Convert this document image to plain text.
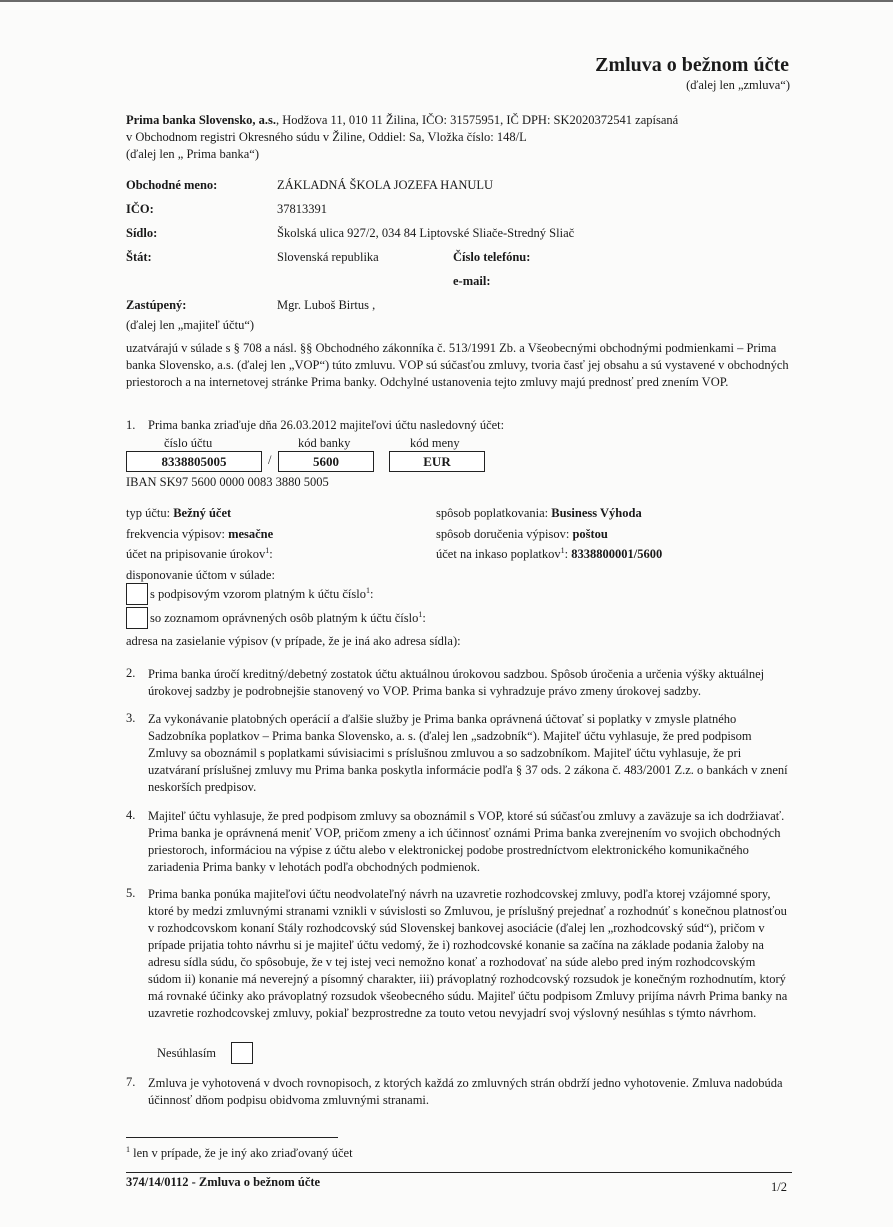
Zmluva o bežnom účte
(ďalej len „zmluva“)
Prima banka Slovensko, a.s., Hodžova 11, 010 11 Žilina, IČO: 31575951, IČ DPH: SK2020372541 zapísaná
v Obchodnom registri Okresného súdu v Žiline, Oddiel: Sa, Vložka číslo: 148/L
(ďalej len „ Prima banka“)
Obchodné meno:	ZÁKLADNÁ ŠKOLA JOZEFA HANULU
IČO:	37813391
Sídlo:	Školská ulica 927/2, 034 84 Liptovské Sliače-Stredný Sliač
Štát:	Slovenská republika	Číslo telefónu:
e-mail:
Zastúpený:	Mgr. Luboš Birtus ,
(ďalej len „majiteľ účtu“)
uzatvárajú v súlade s § 708 a násl. §§ Obchodného zákonníka č. 513/1991 Zb. a Všeobecnými obchodnými podmienkami – Prima banka Slovensko, a.s. (ďalej len „VOP“) túto zmluvu. VOP sú súčasťou zmluvy, tvoria časť jej obsahu a sú vystavené v obchodných priestoroch a na internetovej stránke Prima banky. Odchylné ustanovenia tejto zmluvy majú prednosť pred znením VOP.
1. Prima banka zriaďuje dňa 26.03.2012 majiteľovi účtu nasledovný účet:
číslo účtu	kód banky	kód meny
8338805005	/	5600	EUR
IBAN SK97 5600 0000 0083 3880 5005
typ účtu: Bežný účet	spôsob poplatkovania: Business Výhoda
frekvencia výpisov: mesačne	spôsob doručenia výpisov: poštou
účet na pripisovanie úrokov$^1$:	účet na inkaso poplatkov$^1$: 8338800001/5600
disponovanie účtom v súlade:
s podpisovým vzorom platným k účtu číslo$^1$:
so zoznamom oprávnených osôb platným k účtu číslo$^1$:
adresa na zasielanie výpisov (v prípade, že je iná ako adresa sídla):
2. Prima banka úročí kreditný/debetný zostatok účtu aktuálnou úrokovou sadzbou. Spôsob úročenia a určenia výšky aktuálnej úrokovej sadzby je podrobnejšie stanovený vo VOP. Prima banka si vyhradzuje právo zmeny úrokovej sadzby.
3. Za vykonávanie platobných operácií a ďalšie služby je Prima banka oprávnená účtovať si poplatky v zmysle platného Sadzobníka poplatkov – Prima banka Slovensko, a. s. (ďalej len „sadzobník“). Majiteľ účtu vyhlasuje, že pred podpisom Zmluvy sa oboznámil s poplatkami súvisiacimi s príslušnou zmluvou a so sadzobníkom. Majiteľ účtu vyhlasuje, že pri uzatváraní príslušnej zmluvy mu Prima banka poskytla informácie podľa § 37 ods. 2 zákona č. 483/2001 Z.z. o bankách v znení neskorších predpisov.
4. Majiteľ účtu vyhlasuje, že pred podpisom zmluvy sa oboznámil s VOP, ktoré sú súčasťou zmluvy a zaväzuje sa ich dodržiavať. Prima banka je oprávnená meniť VOP, pričom zmeny a ich účinnosť oznámi Prima banka zverejnením vo svojich obchodných priestoroch, informáciou na výpise z účtu alebo v elektronickej podobe prostredníctvom elektronického komunikačného zariadenia Prima banky v lehotách podľa obchodných podmienok.
5. Prima banka ponúka majiteľovi účtu neodvolateľný návrh na uzavretie rozhodcovskej zmluvy, podľa ktorej vzájomné spory, ktoré by medzi zmluvnými stranami vznikli v súvislosti so Zmluvou, je príslušný prejednať a rozhodnúť s konečnou platnosťou v rozhodcovskom konaní Stály rozhodcovský súd Slovenskej bankovej asociácie (ďalej len „rozhodcovský súd“), pričom v prípade prijatia tohto návrhu si je majiteľ účtu vedomý, že i) rozhodcovské konanie sa začína na základe podania žaloby na adresu sídla súdu, čo spôsobuje, že v tej istej veci nemožno konať a rozhodovať na súde alebo pred iným rozhodcovským súdom ii) konanie má neverejný a písomný charakter, iii) právoplatný rozhodcovský rozsudok je konečným rozhodnutím, ktorý má rovnaké účinky ako právoplatný rozsudok všeobecného súdu. Majiteľ účtu podpisom Zmluvy prijíma návrh Prima banky na uzavretie rozhodcovskej zmluvy, pokiaľ bezprostredne za touto vetou nevyjadrí svoj výslovný nesúhlas s týmto návrhom.
Nesúhlasím
7. Zmluva je vyhotovená v dvoch rovnopisoch, z ktorých každá zo zmluvných strán obdrží jedno vyhotovenie. Zmluva nadobúda účinnosť dňom podpisu obidvoma zmluvnými stranami.
$^1$ len v prípade, že je iný ako zriaďovaný účet
374/14/0112 - Zmluva o bežnom účte	1/2
